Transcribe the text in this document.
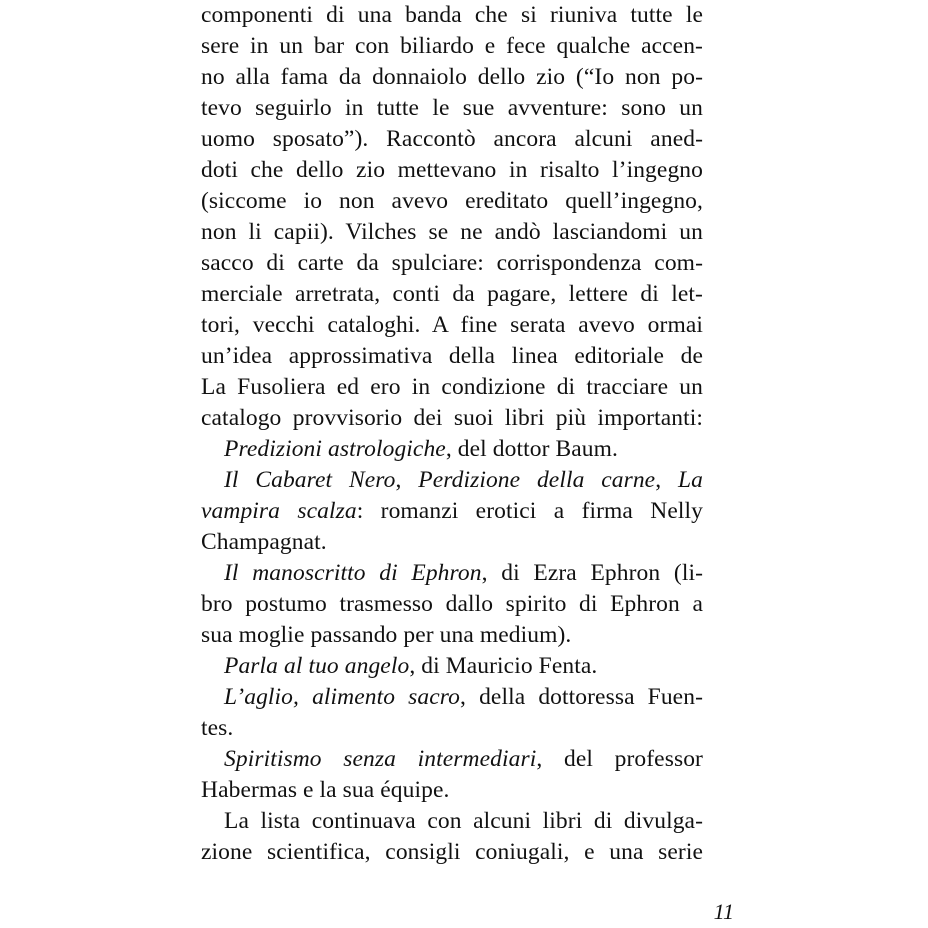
componenti di una banda che si riuniva tutte le
sere in un bar con biliardo e fece qualche accen-
no alla fama da donnaiolo dello zio (“Io non po-
tevo seguirlo in tutte le sue avventure: sono un
uomo sposato”). Raccontò ancora alcuni aned-
doti che dello zio mettevano in risalto l’ingegno
(siccome io non avevo ereditato quell’ingegno,
non li capii). Vilches se ne andò lasciandomi un
sacco di carte da spulciare: corrispondenza com-
merciale arretrata, conti da pagare, lettere di let-
tori, vecchi cataloghi. A fine serata avevo ormai
un’idea approssimativa della linea editoriale de
La Fusoliera ed ero in condizione di tracciare un
catalogo provvisorio dei suoi libri più importanti:
Predizioni astrologiche, del dottor Baum.
Il Cabaret Nero, Perdizione della carne, La
vampira scalza: romanzi erotici a firma Nelly
Champagnat.
Il manoscritto di Ephron, di Ezra Ephron (li-
bro postumo trasmesso dallo spirito di Ephron a
sua moglie passando per una medium).
Parla al tuo angelo, di Mauricio Fenta.
L’aglio, alimento sacro, della dottoressa Fuen-
tes.
Spiritismo senza intermediari, del professor
Habermas e la sua équipe.
La lista continuava con alcuni libri di divulga-
zione scientifica, consigli coniugali, e una serie
11
